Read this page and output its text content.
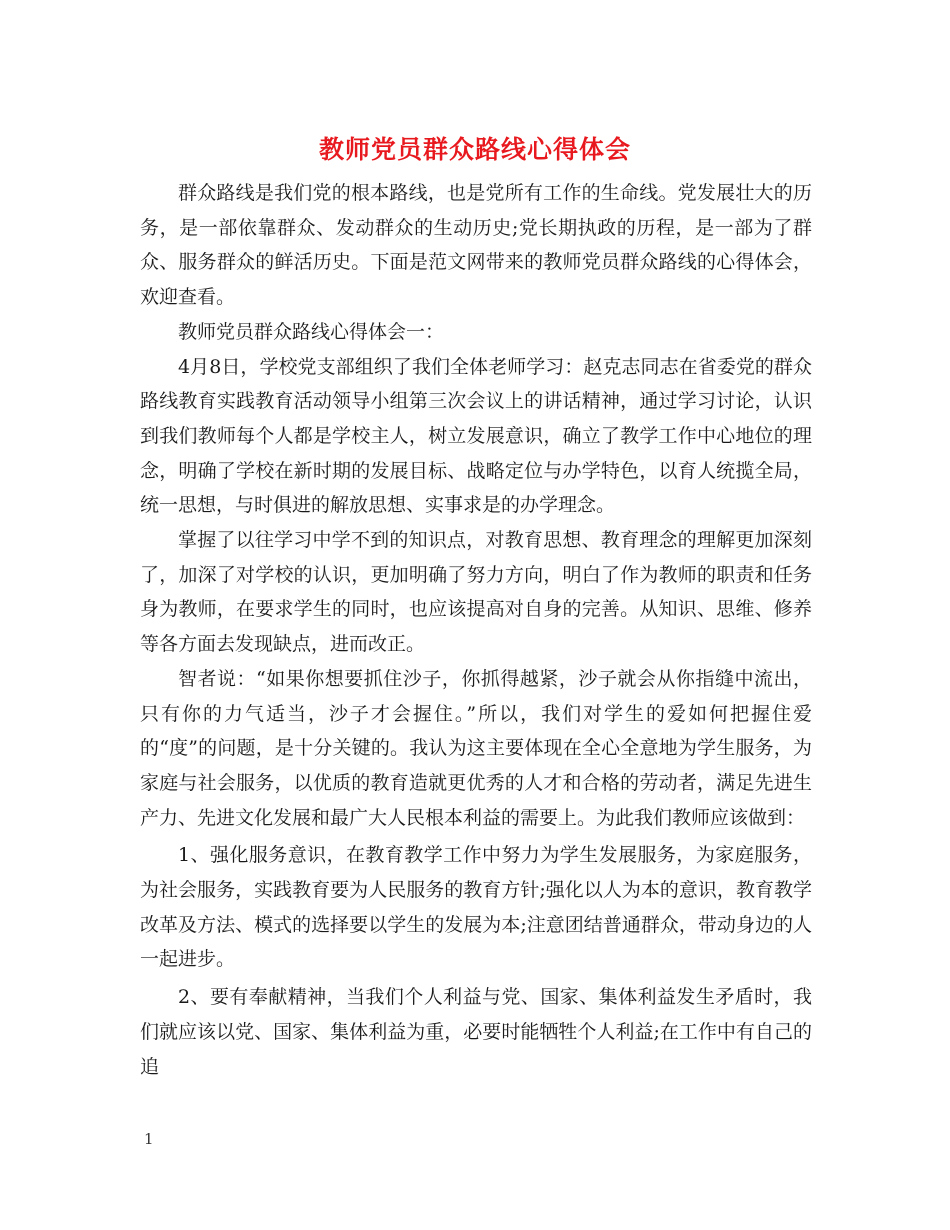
教师党员群众路线心得体会

群众路线是我们党的根本路线，也是党所有工作的生命线。党发展壮大的历务，是一部依靠群众、发动群众的生动历史;党长期执政的历程，是一部为了群众、服务群众的鲜活历史。下面是范文网带来的教师党员群众路线的心得体会，欢迎查看。

教师党员群众路线心得体会一：

4月8日，学校党支部组织了我们全体老师学习：赵克志同志在省委党的群众路线教育实践教育活动领导小组第三次会议上的讲话精神，通过学习讨论，认识到我们教师每个人都是学校主人，树立发展意识，确立了教学工作中心地位的理念，明确了学校在新时期的发展目标、战略定位与办学特色，以育人统揽全局，统一思想，与时俱进的解放思想、实事求是的办学理念。

掌握了以往学习中学不到的知识点，对教育思想、教育理念的理解更加深刻了，加深了对学校的认识，更加明确了努力方向，明白了作为教师的职责和任务身为教师，在要求学生的同时，也应该提高对自身的完善。从知识、思维、修养等各方面去发现缺点，进而改正。

智者说：“如果你想要抓住沙子，你抓得越紧，沙子就会从你指缝中流出，只有你的力气适当，沙子才会握住。”所以，我们对学生的爱如何把握住爱的“度”的问题，是十分关键的。我认为这主要体现在全心全意地为学生服务，为家庭与社会服务，以优质的教育造就更优秀的人才和合格的劳动者，满足先进生产力、先进文化发展和最广大人民根本利益的需要上。为此我们教师应该做到：

1、强化服务意识，在教育教学工作中努力为学生发展服务，为家庭服务，为社会服务，实践教育要为人民服务的教育方针;强化以人为本的意识，教育教学改革及方法、模式的选择要以学生的发展为本;注意团结普通群众，带动身边的人一起进步。

2、要有奉献精神，当我们个人利益与党、国家、集体利益发生矛盾时，我们就应该以党、国家、集体利益为重，必要时能牺牲个人利益;在工作中有自己的追

1
